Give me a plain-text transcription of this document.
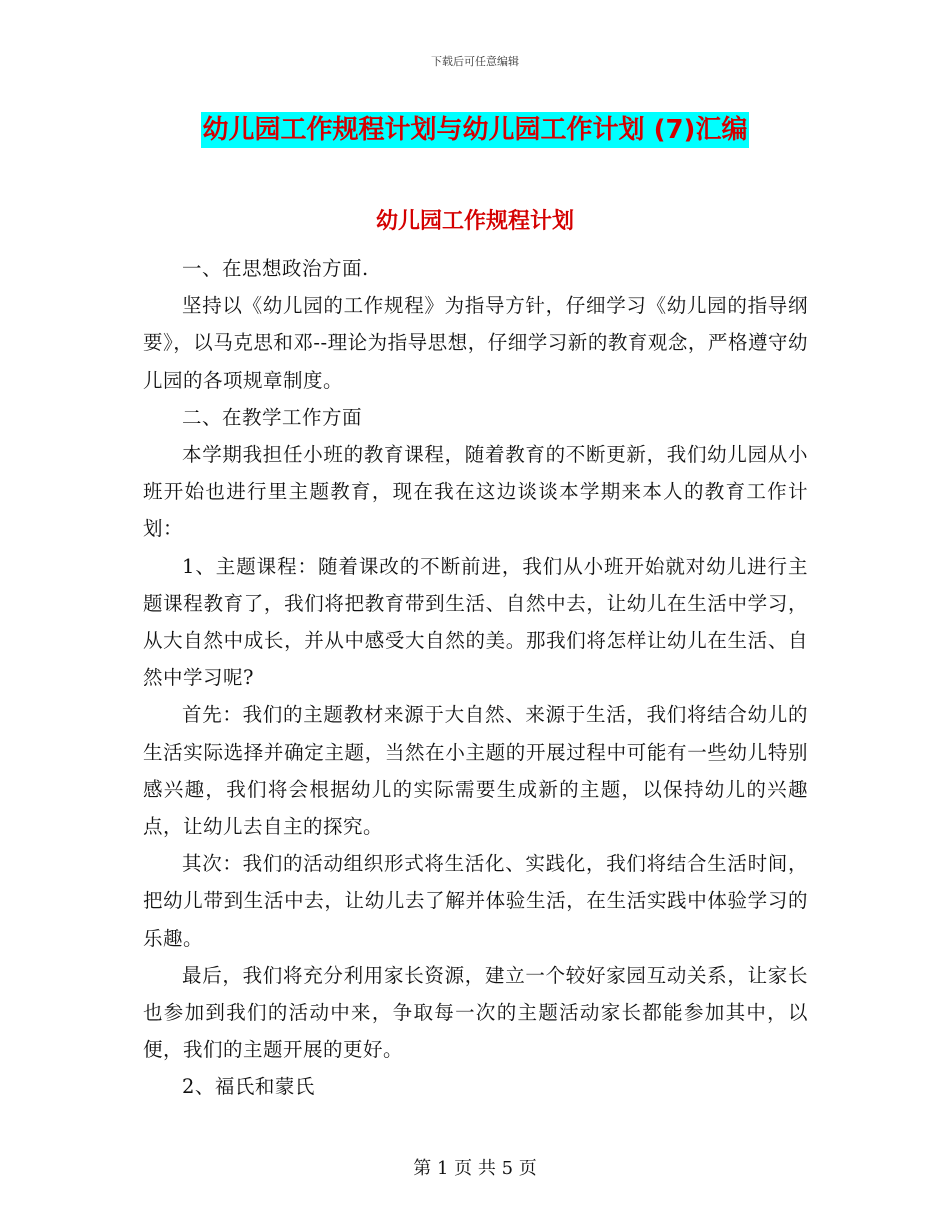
下载后可任意编辑
幼儿园工作规程计划与幼儿园工作计划 (7)汇编
幼儿园工作规程计划

一、在思想政治方面.

坚持以《幼儿园的工作规程》为指导方针，仔细学习《幼儿园的指导纲要》，以马克思和邓--理论为指导思想，仔细学习新的教育观念，严格遵守幼儿园的各项规章制度。

二、在教学工作方面

本学期我担任小班的教育课程，随着教育的不断更新，我们幼儿园从小班开始也进行里主题教育，现在我在这边谈谈本学期来本人的教育工作计划：

1、主题课程：随着课改的不断前进，我们从小班开始就对幼儿进行主题课程教育了，我们将把教育带到生活、自然中去，让幼儿在生活中学习，从大自然中成长，并从中感受大自然的美。那我们将怎样让幼儿在生活、自然中学习呢?

首先：我们的主题教材来源于大自然、来源于生活，我们将结合幼儿的生活实际选择并确定主题，当然在小主题的开展过程中可能有一些幼儿特别感兴趣，我们将会根据幼儿的实际需要生成新的主题，以保持幼儿的兴趣点，让幼儿去自主的探究。

其次：我们的活动组织形式将生活化、实践化，我们将结合生活时间，把幼儿带到生活中去，让幼儿去了解并体验生活，在生活实践中体验学习的乐趣。

最后，我们将充分利用家长资源，建立一个较好家园互动关系，让家长也参加到我们的活动中来，争取每一次的主题活动家长都能参加其中，以便，我们的主题开展的更好。

2、福氏和蒙氏

第 1 页 共 5 页
